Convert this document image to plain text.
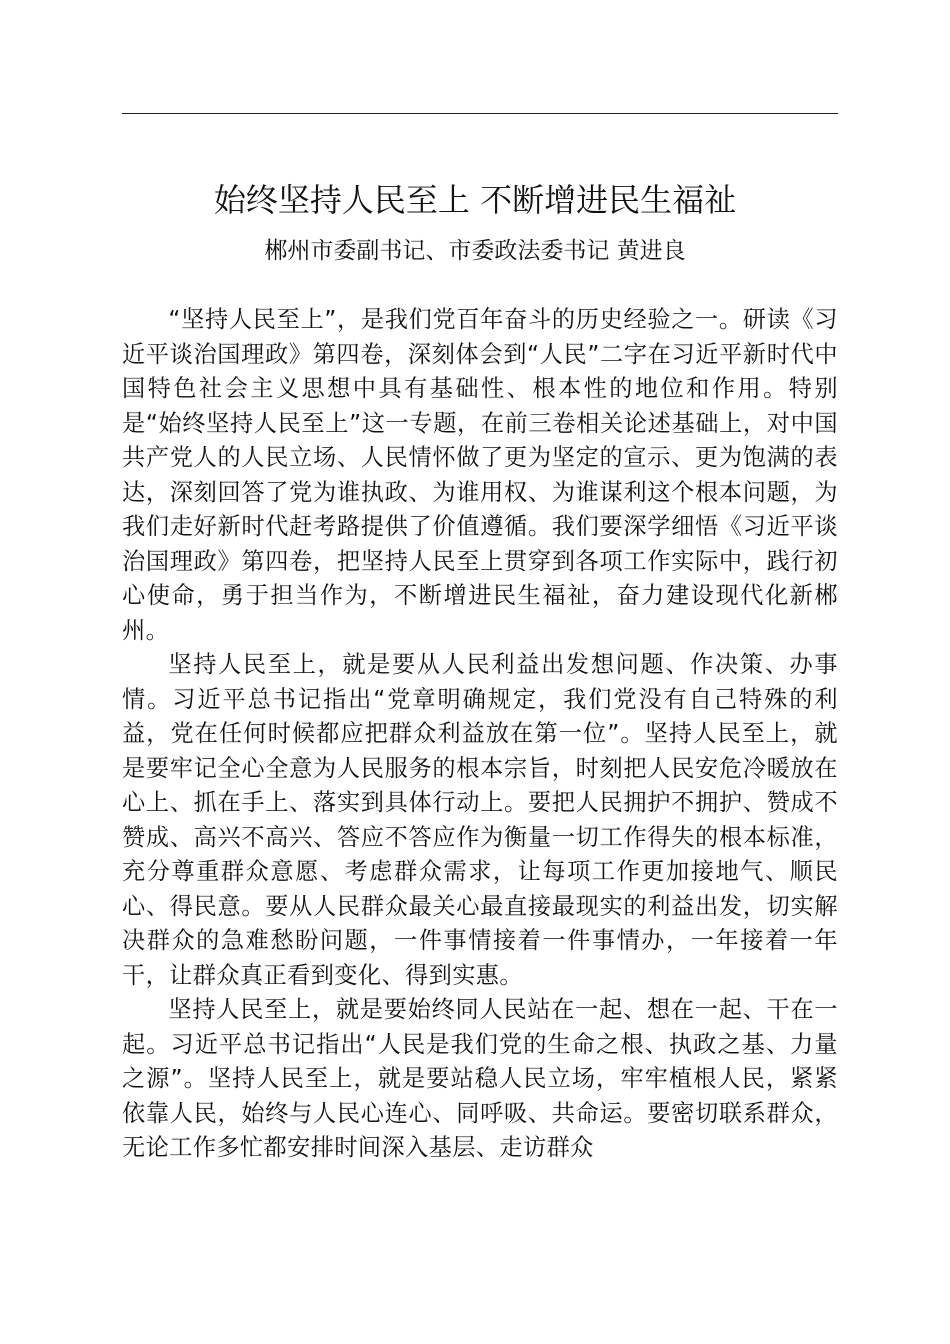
始终坚持人民至上 不断增进民生福祉
郴州市委副书记、市委政法委书记 黄进良

“坚持人民至上”，是我们党百年奋斗的历史经验之一。研读《习近平谈治国理政》第四卷，深刻体会到“人民”二字在习近平新时代中国特色社会主义思想中具有基础性、根本性的地位和作用。特别是“始终坚持人民至上”这一专题，在前三卷相关论述基础上，对中国共产党人的人民立场、人民情怀做了更为坚定的宣示、更为饱满的表达，深刻回答了党为谁执政、为谁用权、为谁谋利这个根本问题，为我们走好新时代赶考路提供了价值遵循。我们要深学细悟《习近平谈治国理政》第四卷，把坚持人民至上贯穿到各项工作实际中，践行初心使命，勇于担当作为，不断增进民生福祉，奋力建设现代化新郴州。

坚持人民至上，就是要从人民利益出发想问题、作决策、办事情。习近平总书记指出“党章明确规定，我们党没有自己特殊的利益，党在任何时候都应把群众利益放在第一位”。坚持人民至上，就是要牢记全心全意为人民服务的根本宗旨，时刻把人民安危冷暖放在心上、抓在手上、落实到具体行动上。要把人民拥护不拥护、赞成不赞成、高兴不高兴、答应不答应作为衡量一切工作得失的根本标准，充分尊重群众意愿、考虑群众需求，让每项工作更加接地气、顺民心、得民意。要从人民群众最关心最直接最现实的利益出发，切实解决群众的急难愁盼问题，一件事情接着一件事情办，一年接着一年干，让群众真正看到变化、得到实惠。

坚持人民至上，就是要始终同人民站在一起、想在一起、干在一起。习近平总书记指出“人民是我们党的生命之根、执政之基、力量之源”。坚持人民至上，就是要站稳人民立场，牢牢植根人民，紧紧依靠人民，始终与人民心连心、同呼吸、共命运。要密切联系群众，无论工作多忙都安排时间深入基层、走访群众
